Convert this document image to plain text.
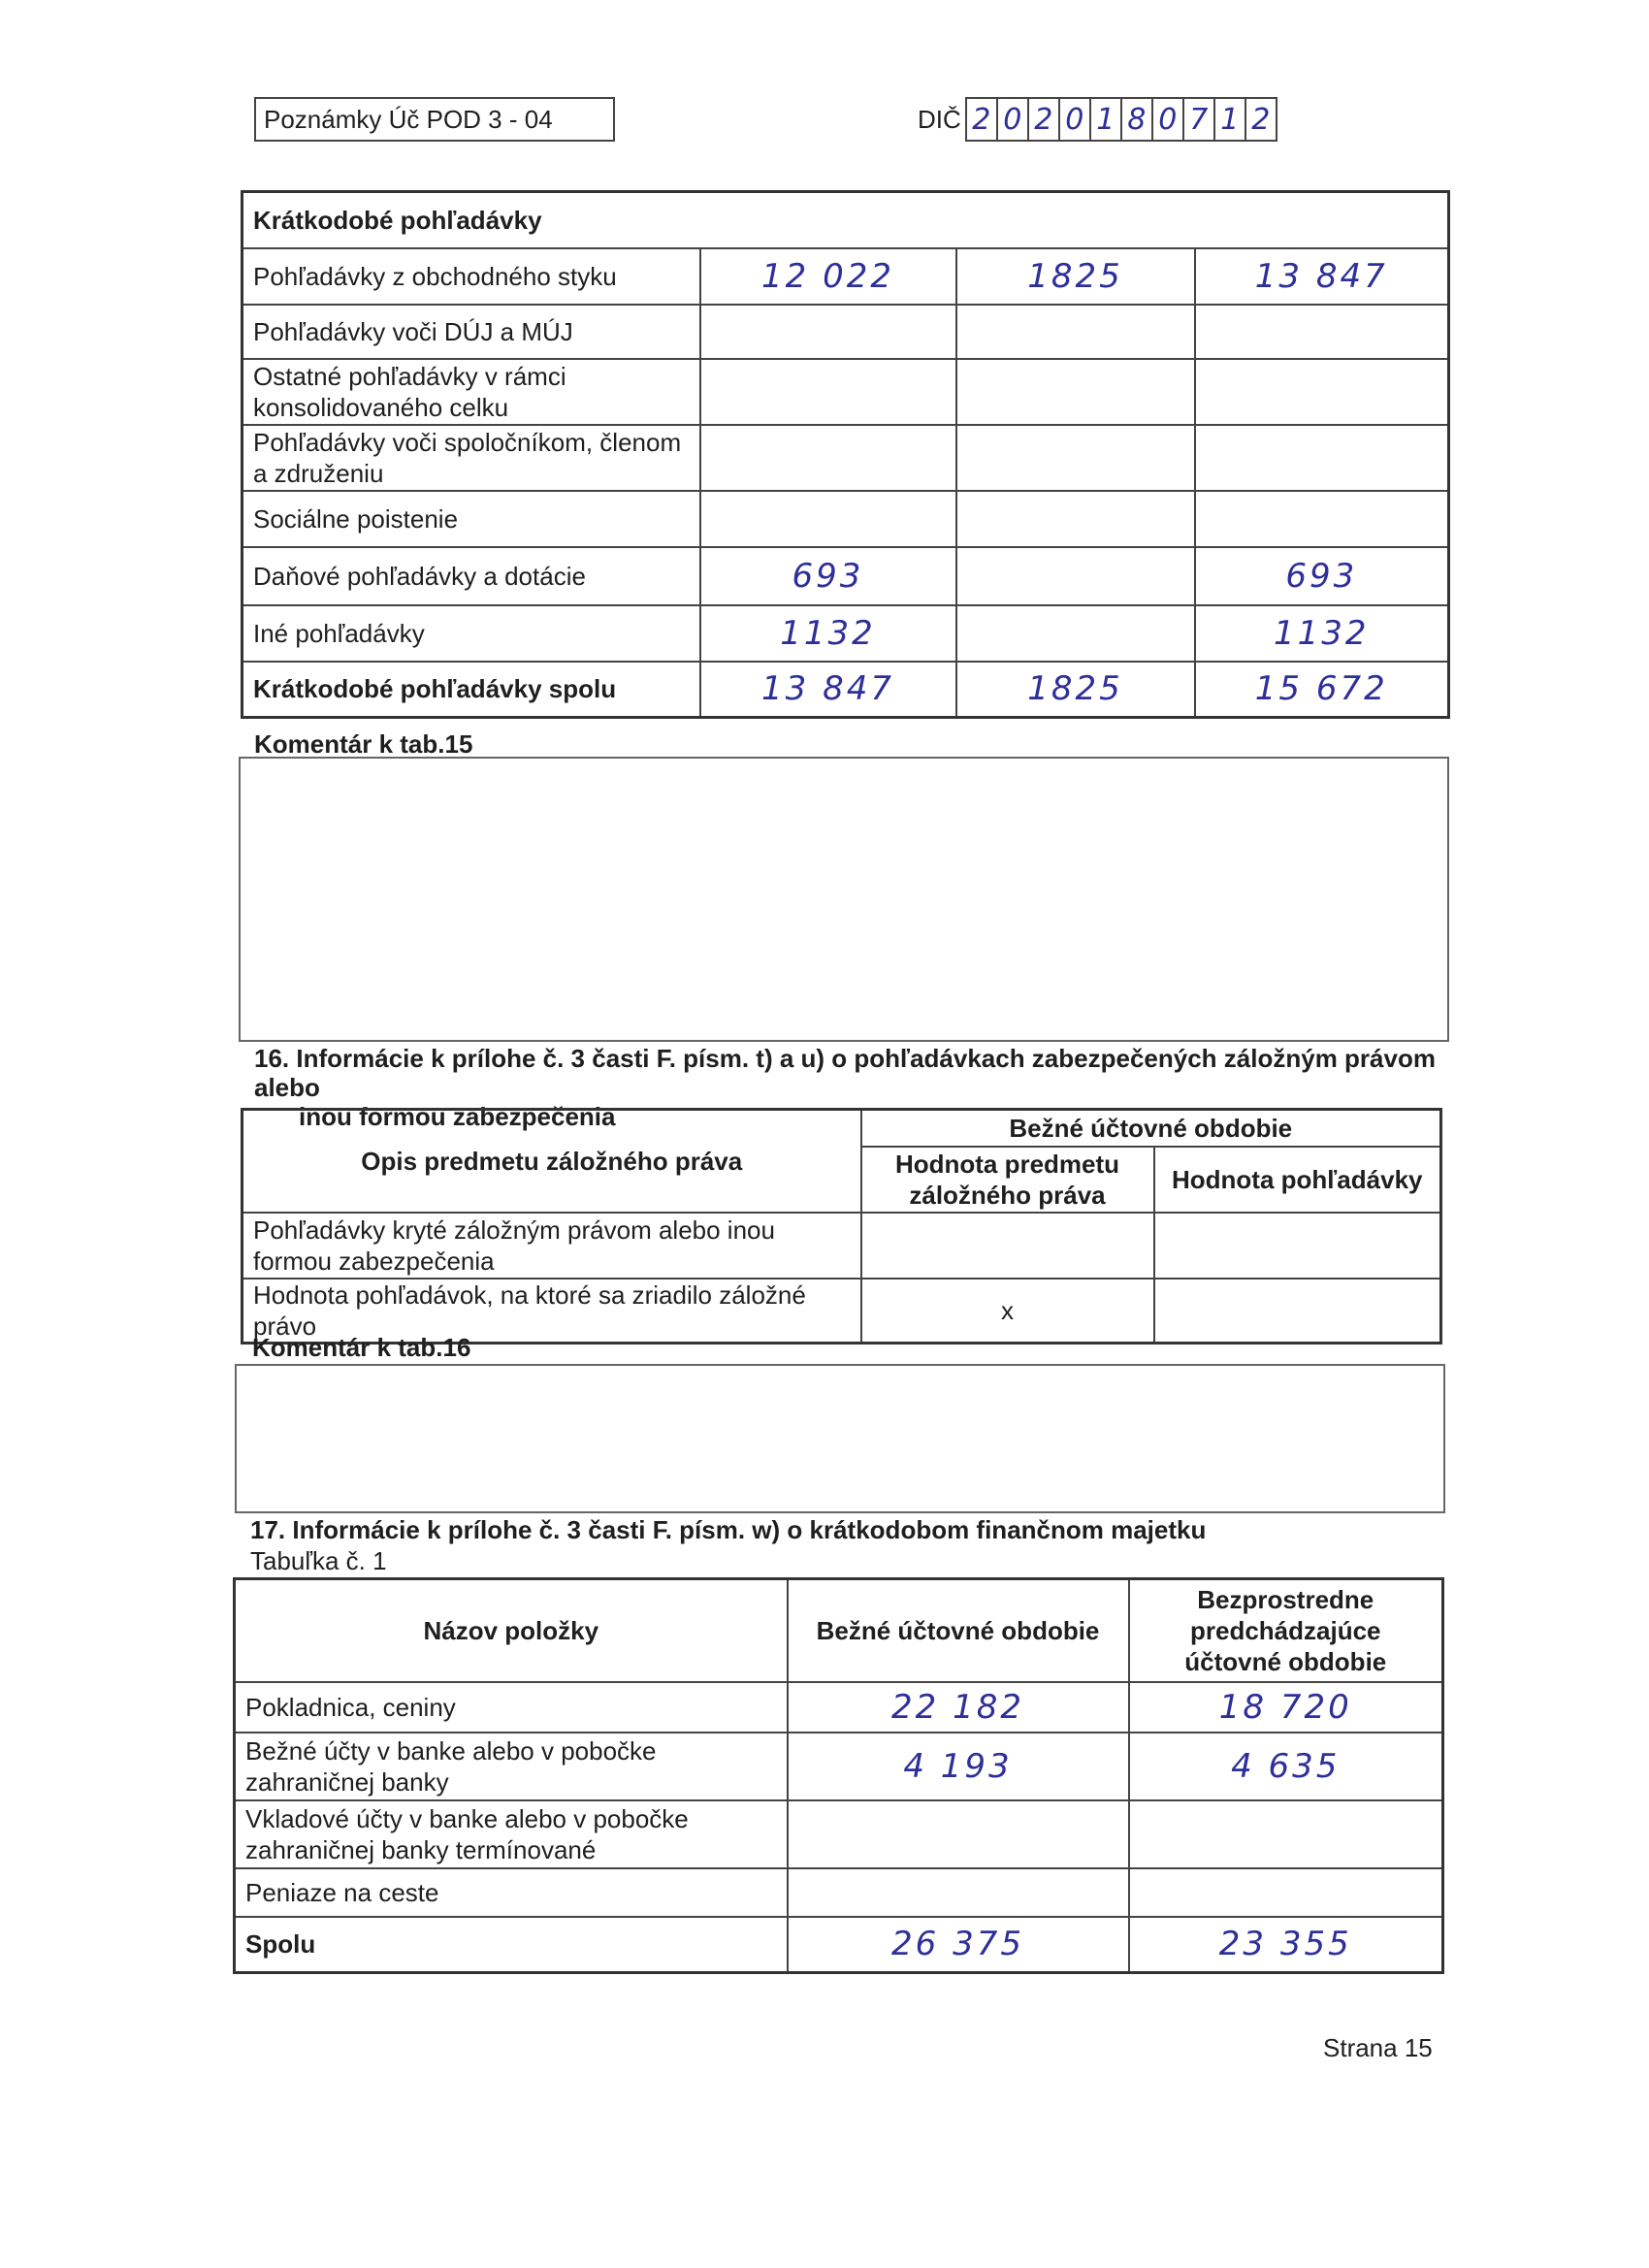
Poznámky Úč POD 3 - 04	DIČ 2 0 2 0 1 8 0 7 1 2
Krátkodobé pohľadávky			
Pohľadávky z obchodného styku	12 022	1825	13 847
Pohľadávky voči DÚJ a MÚJ			
Ostatné pohľadávky v rámci konsolidovaného celku			
Pohľadávky voči spoločníkom, členom a združeniu			
Sociálne poistenie			
Daňové pohľadávky a dotácie	693		693
Iné pohľadávky	1132		1132
Krátkodobé pohľadávky spolu	13 847	1825	15 672
Komentár k tab.15
16. Informácie k prílohe č. 3 časti F. písm. t) a u) o pohľadávkach zabezpečených záložným právom alebo
inou formou zabezpečenia
Opis predmetu záložného práva	Bežné účtovné obdobie	
	Hodnota predmetu záložného práva	Hodnota pohľadávky
Pohľadávky kryté záložným právom alebo inou formou zabezpečenia		
Hodnota pohľadávok, na ktoré sa zriadilo záložné právo	x	
Komentár k tab.16
17. Informácie k prílohe č. 3 časti F. písm. w) o krátkodobom finančnom majetku
Tabuľka č. 1
Názov položky	Bežné účtovné obdobie	Bezprostredne predchádzajúce účtovné obdobie
Pokladnica, ceniny	22 182	18 720
Bežné účty v banke alebo v pobočke zahraničnej banky	4 193	4 635
Vkladové účty v banke alebo v pobočke zahraničnej banky termínované		
Peniaze na ceste		
Spolu	26 375	23 355
Strana 15
